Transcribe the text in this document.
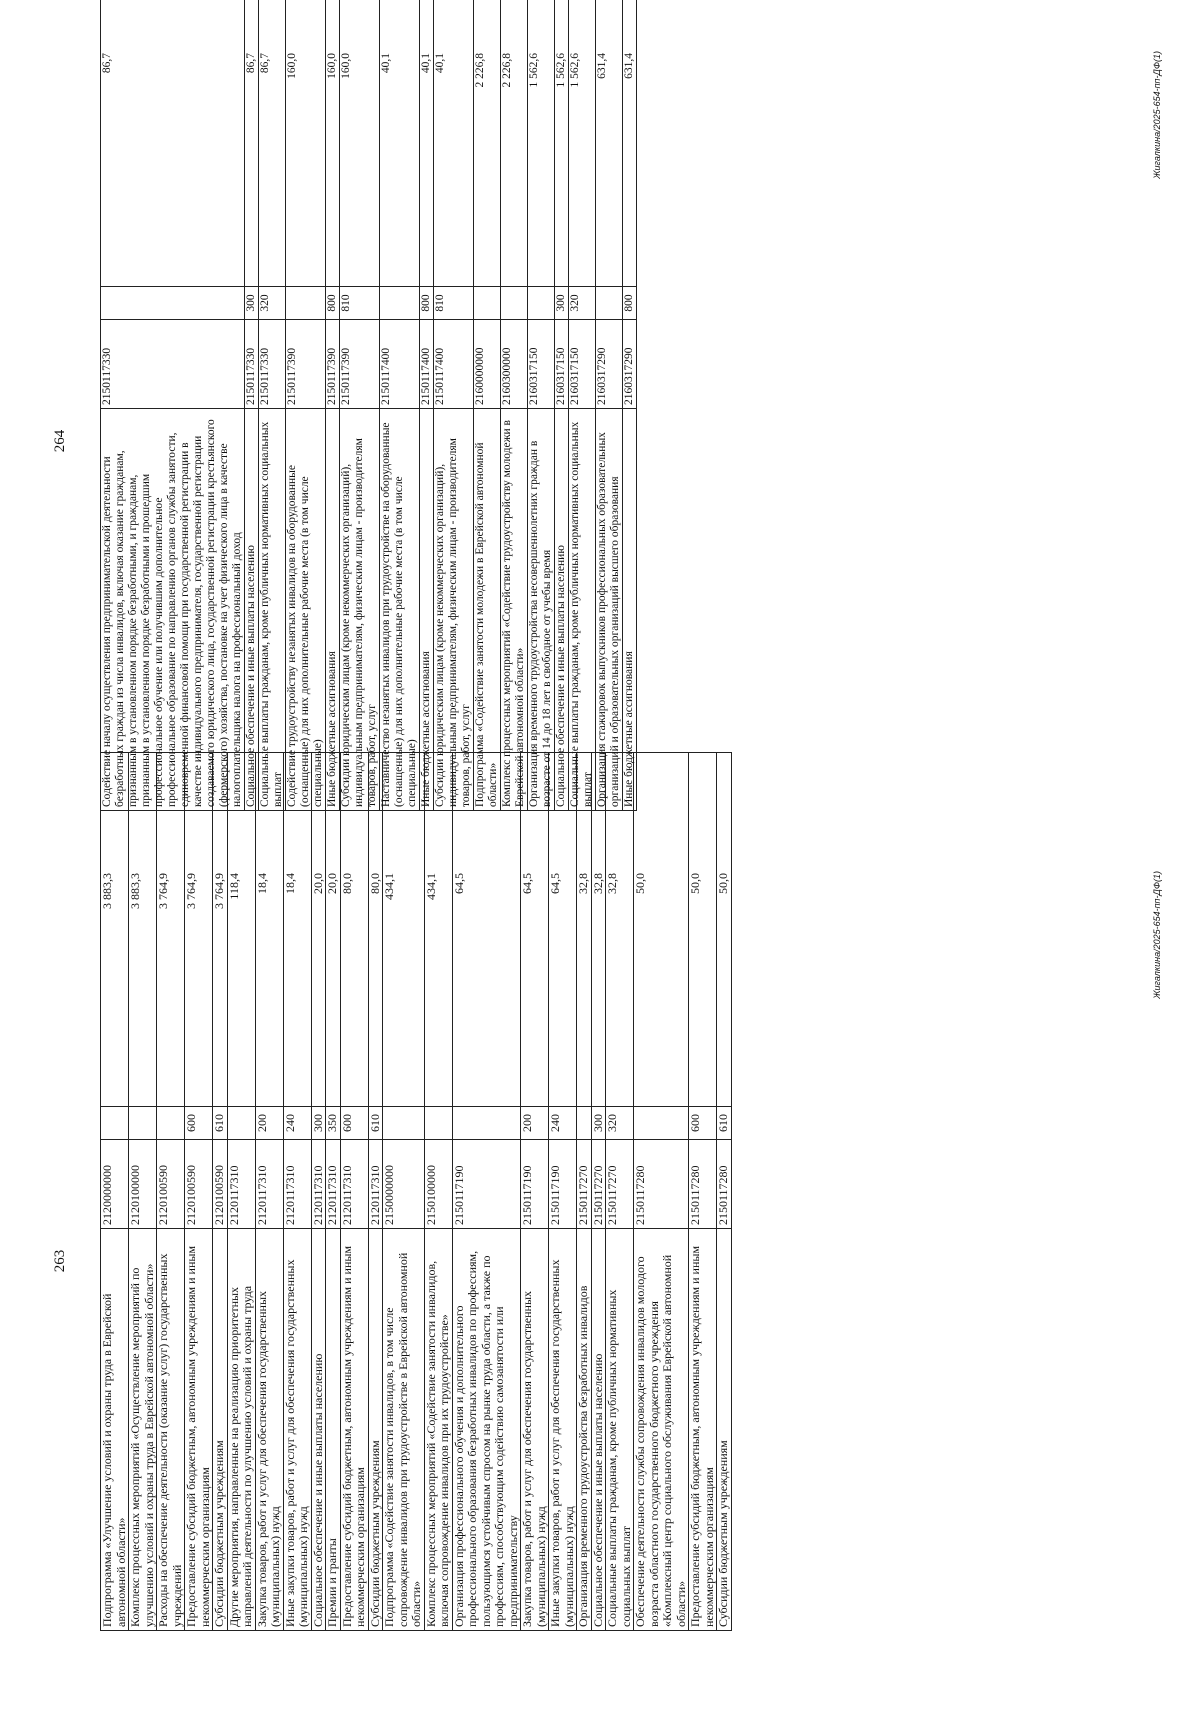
263
Подпрограмма «Улучшение условий и охраны труда в Еврейской автономной области»	2120000000		3 883,3
Комплекс процессных мероприятий «Осуществление мероприятий по улучшению условий и охраны труда в Еврейской автономной области»	2120100000		3 883,3
Расходы на обеспечение деятельности (оказание услуг) государственных учреждений	2120100590		3 764,9
Предоставление субсидий бюджетным, автономным учреждениям и иным некоммерческим организациям	2120100590	600	3 764,9
Субсидии бюджетным учреждениям	2120100590	610	3 764,9
Другие мероприятия, направленные на реализацию приоритетных направлений деятельности по улучшению условий и охраны труда	2120117310		118,4
Закупка товаров, работ и услуг для обеспечения государственных (муниципальных) нужд	2120117310	200	18,4
Иные закупки товаров, работ и услуг для обеспечения государственных (муниципальных) нужд	2120117310	240	18,4
Социальное обеспечение и иные выплаты населению	2120117310	300	20,0
Премии и гранты	2120117310	350	20,0
Предоставление субсидий бюджетным, автономным учреждениям и иным некоммерческим организациям	2120117310	600	80,0
Субсидии бюджетным учреждениям	2120117310	610	80,0
Подпрограмма «Содействие занятости инвалидов, в том числе сопровождение инвалидов при трудоустройстве в Еврейской автономной области»	2150000000		434,1
Комплекс процессных мероприятий «Содействие занятости инвалидов, включая сопровождение инвалидов при их трудоустройстве»	2150100000		434,1
Организация профессионального обучения и дополнительного профессионального образования безработных инвалидов по профессиям, пользующимся устойчивым спросом на рынке труда области, а также по профессиям, способствующим содействию самозанятости или предпринимательству	2150117190		64,5
Закупка товаров, работ и услуг для обеспечения государственных (муниципальных) нужд	2150117190	200	64,5
Иные закупки товаров, работ и услуг для обеспечения государственных (муниципальных) нужд	2150117190	240	64,5
Организация временного трудоустройства безработных инвалидов	2150117270		32,8
Социальное обеспечение и иные выплаты населению	2150117270	300	32,8
Социальные выплаты гражданам, кроме публичных нормативных социальных выплат	2150117270	320	32,8
Обеспечение деятельности службы сопровождения инвалидов молодого возраста областного государственного бюджетного учреждения «Комплексный центр социального обслуживания Еврейской автономной области»	2150117280		50,0
Предоставление субсидий бюджетным, автономным учреждениям и иным некоммерческим организациям	2150117280	600	50,0
Субсидии бюджетным учреждениям	2150117280	610	50,0	Жигалкина/2025-654-пп-ДФ(1)
264
Содействие началу осуществления предпринимательской деятельности безработных граждан из числа инвалидов, включая оказание гражданам, признанным в установленном порядке безработными, и гражданам, признанным в установленном порядке безработными и прошедшим профессиональное обучение или получившим дополнительное профессиональное образование по направлению органов службы занятости, единовременной финансовой помощи при государственной регистрации в качестве индивидуального предпринимателя, государственной регистрации создаваемого юридического лица, государственной регистрации крестьянского (фермерского) хозяйства, постановке на учет физического лица в качестве налогоплательщика налога на профессиональный доход	2150117330		86,7
Социальное обеспечение и иные выплаты населению	2150117330	300	86,7
Социальные выплаты гражданам, кроме публичных нормативных социальных выплат	2150117330	320	86,7
Содействие трудоустройству незанятых инвалидов на оборудованные (оснащенные) для них дополнительные рабочие места (в том числе специальные)	2150117390		160,0
Иные бюджетные ассигнования	2150117390	800	160,0
Субсидии юридическим лицам (кроме некоммерческих организаций), индивидуальным предпринимателям, физическим лицам - производителям товаров, работ, услуг	2150117390	810	160,0
Наставничество незанятых инвалидов при трудоустройстве на оборудованные (оснащенные) для них дополнительные рабочие места (в том числе специальные)	2150117400		40,1
Иные бюджетные ассигнования	2150117400	800	40,1
Субсидии юридическим лицам (кроме некоммерческих организаций), индивидуальным предпринимателям, физическим лицам - производителям товаров, работ, услуг	2150117400	810	40,1
Подпрограмма «Содействие занятости молодежи в Еврейской автономной области»	2160000000		2 226,8
Комплекс процессных мероприятий «Содействие трудоустройству молодежи в Еврейской автономной области»	2160300000		2 226,8
Организация временного трудоустройства несовершеннолетних граждан в возрасте от 14 до 18 лет в свободное от учебы время	2160317150		1 562,6
Социальное обеспечение и иные выплаты населению	2160317150	300	1 562,6
Социальные выплаты гражданам, кроме публичных нормативных социальных выплат	2160317150	320	1 562,6
Организация стажировок выпускников профессиональных образовательных организаций и образовательных организаций высшего образования	2160317290		631,4
Иные бюджетные ассигнования	2160317290	800	631,4	Жигалкина/2025-654-пп-ДФ(1)
